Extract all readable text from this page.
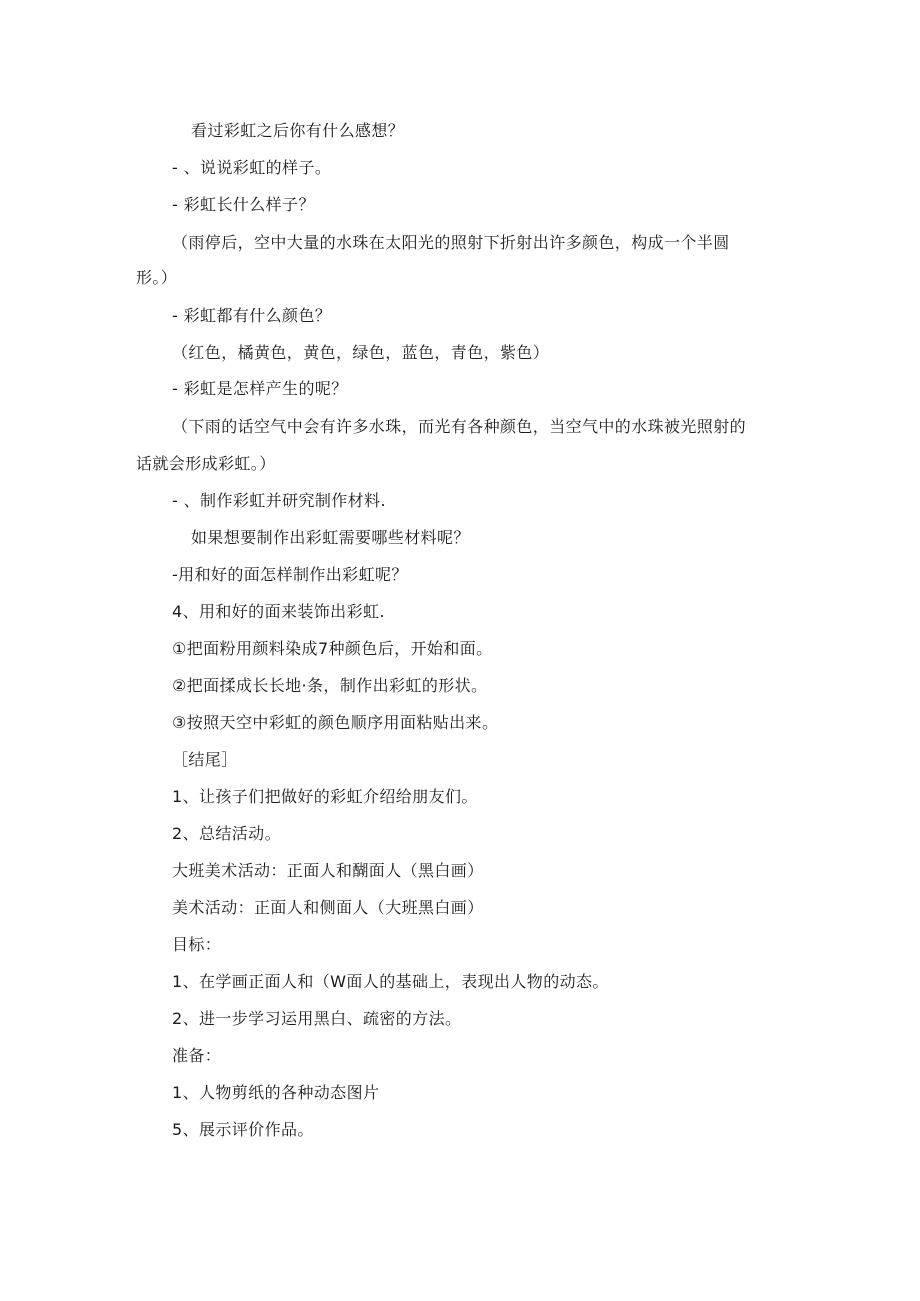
看过彩虹之后你有什么感想？
- 、说说彩虹的样子。
- 彩虹长什么样子？
（雨停后，空中大量的水珠在太阳光的照射下折射出许多颜色，构成一个半圆
形。）
- 彩虹都有什么颜色？
（红色，橘黄色，黄色，绿色，蓝色，青色，紫色）
- 彩虹是怎样产生的呢？
（下雨的话空气中会有许多水珠，而光有各种颜色，当空气中的水珠被光照射的
话就会形成彩虹。）
- 、制作彩虹并研究制作材料.
如果想要制作出彩虹需要哪些材料呢？
-用和好的面怎样制作出彩虹呢？
4、用和好的面来装饰出彩虹.
①把面粉用颜料染成7种颜色后，开始和面。
②把面揉成长长地·条，制作出彩虹的形状。
③按照天空中彩虹的颜色顺序用面粘贴出来。
［结尾］
1、让孩子们把做好的彩虹介绍给朋友们。
2、总结活动。
大班美术活动：正面人和醐面人（黑白画）
美术活动：正面人和侧面人（大班黑白画）
目标：
1、在学画正面人和（W面人的基础上，表现出人物的动态。
2、进一步学习运用黑白、疏密的方法。
准备：
1、人物剪纸的各种动态图片
5、展示评价作品。
